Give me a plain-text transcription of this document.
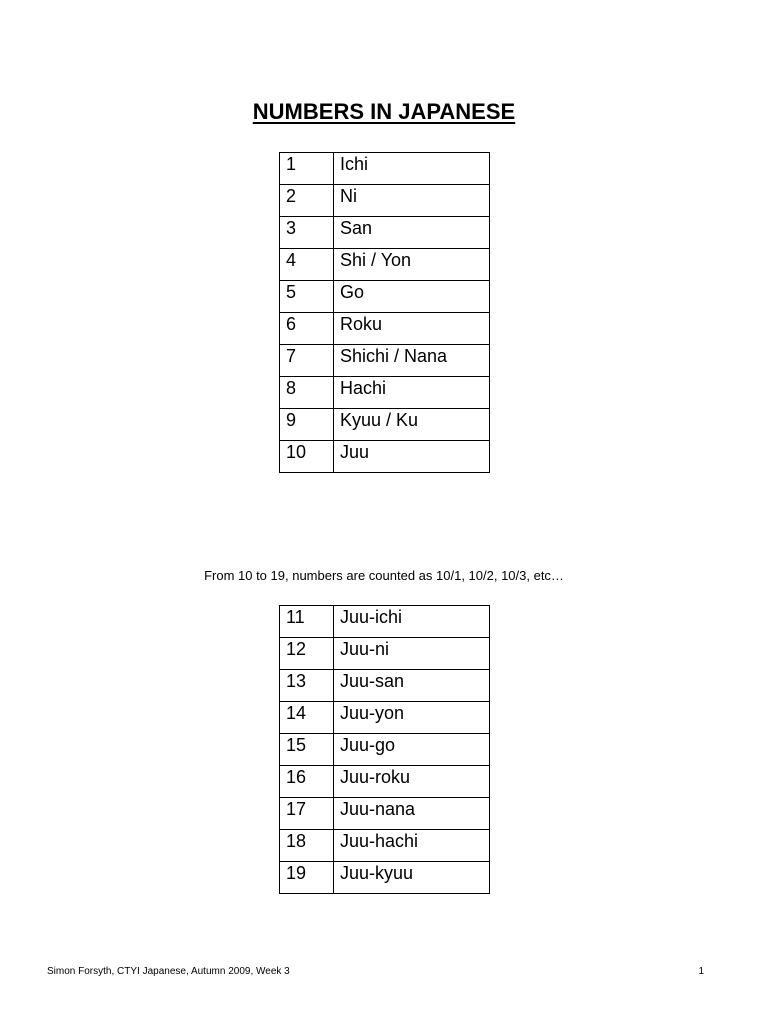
NUMBERS IN JAPANESE
1	Ichi
2	Ni
3	San
4	Shi / Yon
5	Go
6	Roku
7	Shichi / Nana
8	Hachi
9	Kyuu / Ku
10	Juu

From 10 to 19, numbers are counted as 10/1, 10/2, 10/3, etc…

11	Juu-ichi
12	Juu-ni
13	Juu-san
14	Juu-yon
15	Juu-go
16	Juu-roku
17	Juu-nana
18	Juu-hachi
19	Juu-kyuu
Simon Forsyth, CTYI Japanese, Autumn 2009, Week 3	1
